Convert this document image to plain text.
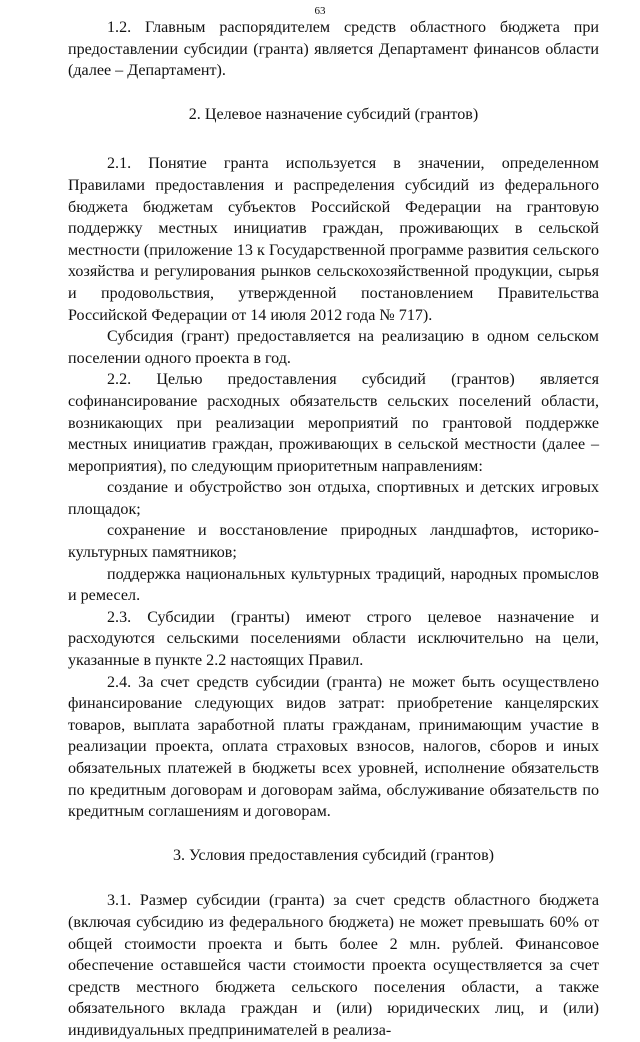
63

1.2. Главным распорядителем средств областного бюджета при предоставлении субсидии (гранта) является Департамент финансов области (далее – Департамент).

2. Целевое назначение субсидий (грантов)

2.1. Понятие гранта используется в значении, определенном Правилами предоставления и распределения субсидий из федерального бюджета бюджетам субъектов Российской Федерации на грантовую поддержку местных инициатив граждан, проживающих в сельской местности (приложение 13 к Государственной программе развития сельского хозяйства и регулирования рынков сельскохозяйственной продукции, сырья и продовольствия, утвержденной постановлением Правительства Российской Федерации от 14 июля 2012 года № 717).

Субсидия (грант) предоставляется на реализацию в одном сельском поселении одного проекта в год.

2.2. Целью предоставления субсидий (грантов) является софинансирование расходных обязательств сельских поселений области, возникающих при реализации мероприятий по грантовой поддержке местных инициатив граждан, проживающих в сельской местности (далее – мероприятия), по следующим приоритетным направлениям:

создание и обустройство зон отдыха, спортивных и детских игровых площадок;

сохранение и восстановление природных ландшафтов, историко-культурных памятников;

поддержка национальных культурных традиций, народных промыслов и ремесел.

2.3. Субсидии (гранты) имеют строго целевое назначение и расходуются сельскими поселениями области исключительно на цели, указанные в пункте 2.2 настоящих Правил.

2.4. За счет средств субсидии (гранта) не может быть осуществлено финансирование следующих видов затрат: приобретение канцелярских товаров, выплата заработной платы гражданам, принимающим участие в реализации проекта, оплата страховых взносов, налогов, сборов и иных обязательных платежей в бюджеты всех уровней, исполнение обязательств по кредитным договорам и договорам займа, обслуживание обязательств по кредитным соглашениям и договорам.

3. Условия предоставления субсидий (грантов)

3.1. Размер субсидии (гранта) за счет средств областного бюджета (включая субсидию из федерального бюджета) не может превышать 60% от общей стоимости проекта и быть более 2 млн. рублей. Финансовое обеспечение оставшейся части стоимости проекта осуществляется за счет средств местного бюджета сельского поселения области, а также обязательного вклада граждан и (или) юридических лиц, и (или) индивидуальных предпринимателей в реализа-
